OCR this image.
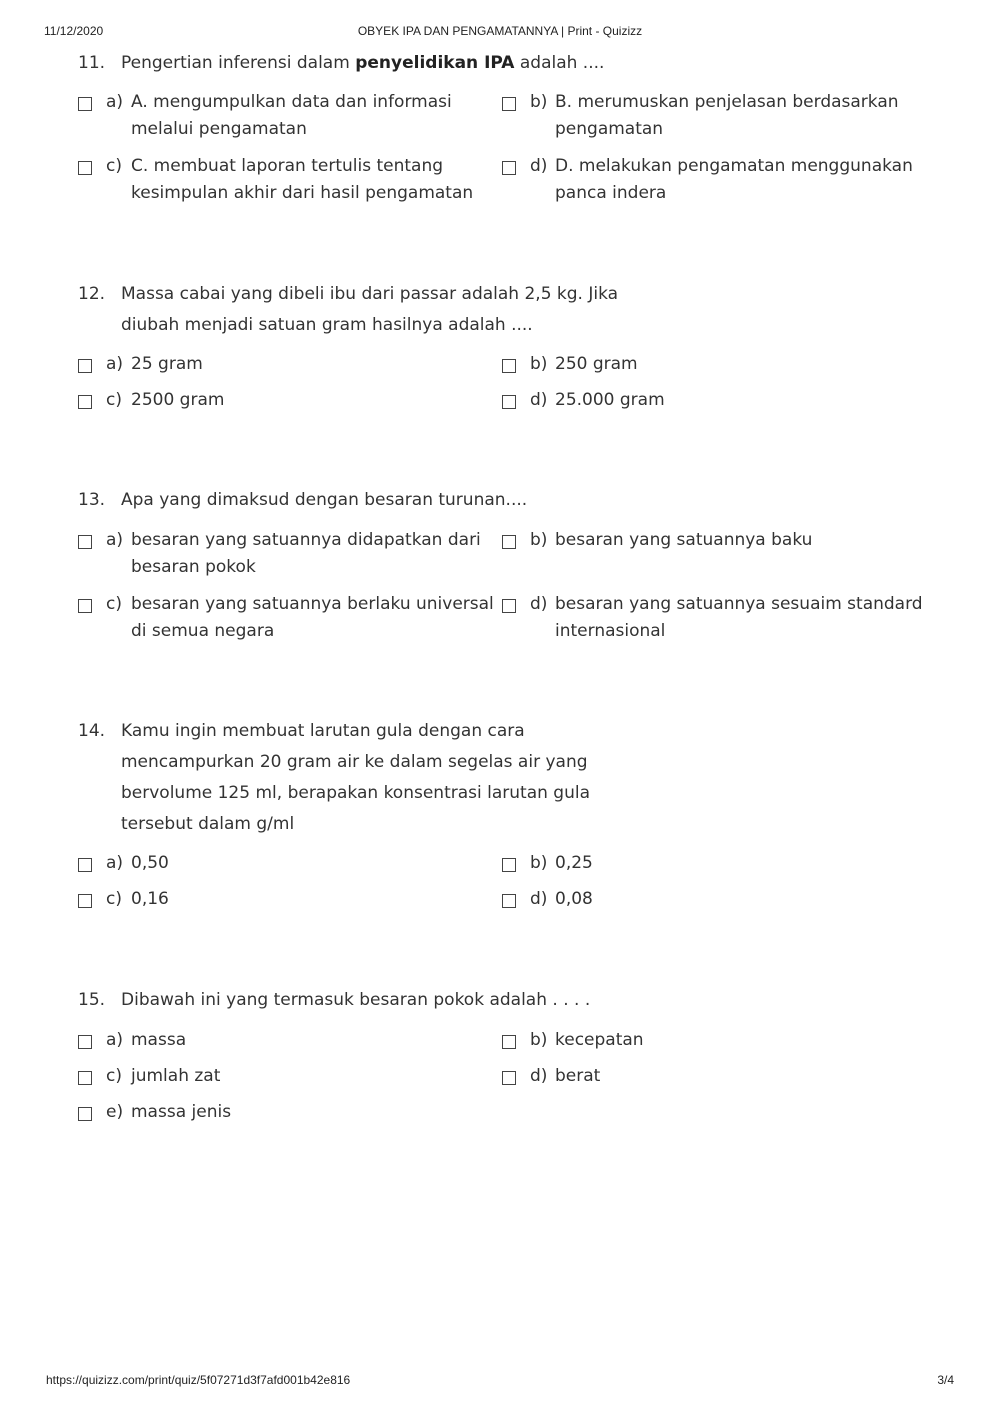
11/12/2020	OBYEK IPA DAN PENGAMATANNYA | Print - Quizizz
11. Pengertian inferensi dalam penyelidikan IPA adalah ....
a) A. mengumpulkan data dan informasi
melalui pengamatan
b) B. merumuskan penjelasan berdasarkan
pengamatan
c) C. membuat laporan tertulis tentang
kesimpulan akhir dari hasil pengamatan
d) D. melakukan pengamatan menggunakan
panca indera
12. Massa cabai yang dibeli ibu dari passar adalah 2,5 kg. Jika
diubah menjadi satuan gram hasilnya adalah ....
a) 25 gram	b) 250 gram
c) 2500 gram	d) 25.000 gram
13. Apa yang dimaksud dengan besaran turunan....
a) besaran yang satuannya didapatkan dari
besaran pokok
b) besaran yang satuannya baku
c) besaran yang satuannya berlaku universal
di semua negara
d) besaran yang satuannya sesuaim standard
internasional
14. Kamu ingin membuat larutan gula dengan cara
mencampurkan 20 gram air ke dalam segelas air yang
bervolume 125 ml, berapakan konsentrasi larutan gula
tersebut dalam g/ml
a) 0,50	b) 0,25
c) 0,16	d) 0,08
15. Dibawah ini yang termasuk besaran pokok adalah . . . .
a) massa	b) kecepatan
c) jumlah zat	d) berat
e) massa jenis
https://quizizz.com/print/quiz/5f07271d3f7afd001b42e816	3/4
